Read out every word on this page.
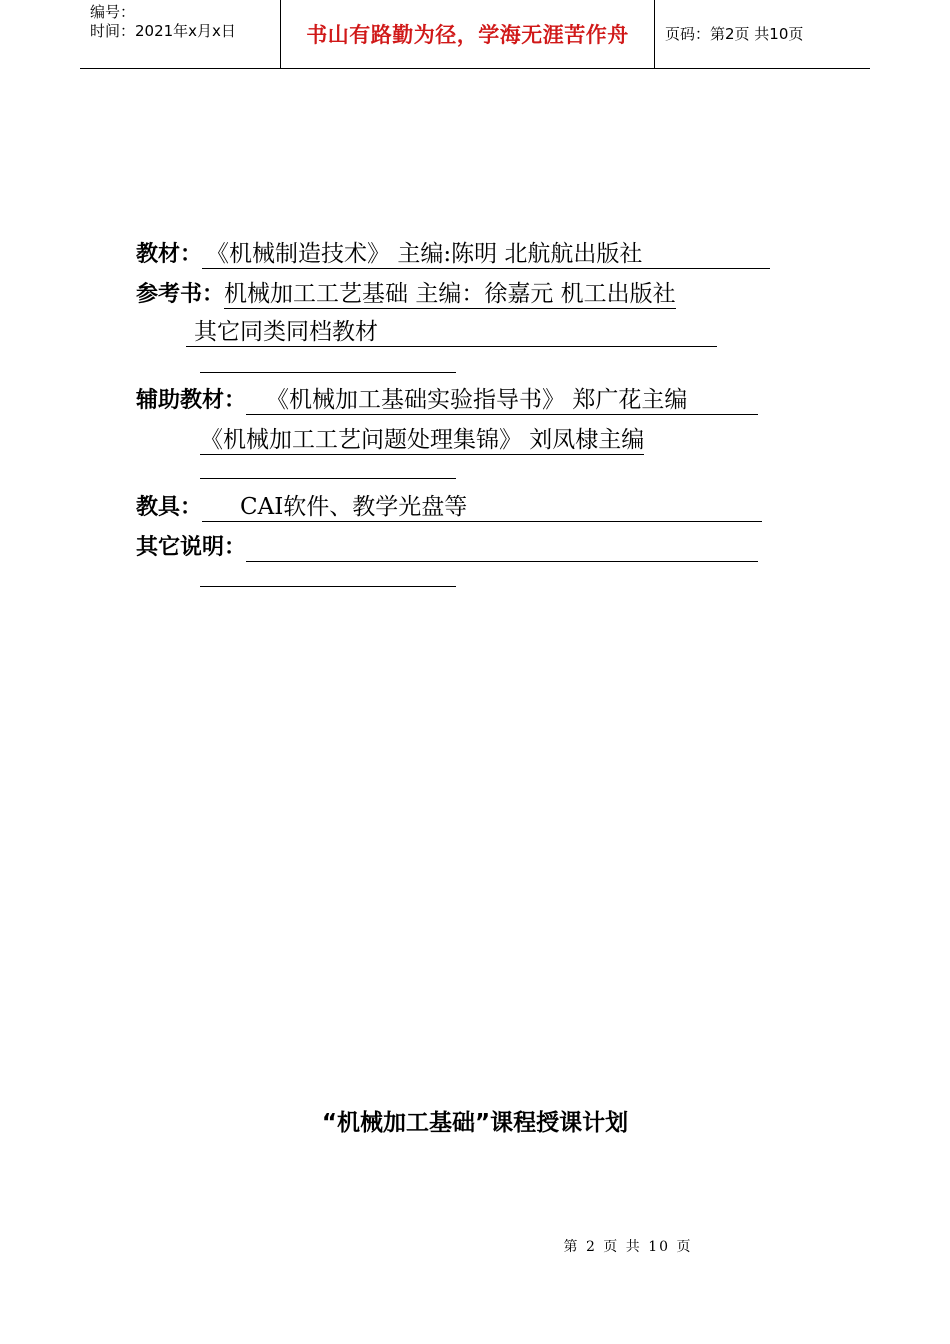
编号：
时间：2021年x月x日	书山有路勤为径，学海无涯苦作舟 页码：第2页 共10页
教材： 《机械制造技术》 主编:陈明 北航航出版社
参考书：机械加工工艺基础 主编：徐嘉元 机工出版社
其它同类同档教材
辅助教材： 《机械加工基础实验指导书》 郑广花主编
《机械加工工艺问题处理集锦》 刘凤棣主编
教具： CAI软件、教学光盘等
其它说明：
“机械加工基础”课程授课计划
第 2 页 共 10 页
